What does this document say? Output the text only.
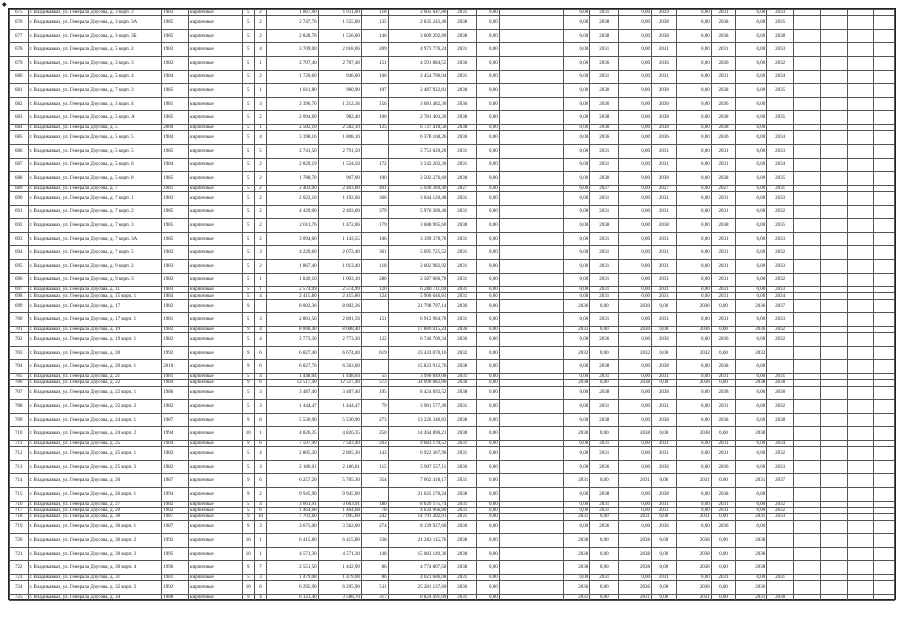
◆
675	г. Владикавказ, ул. Генерала Дзусова, д. 3 корп. 3	1983	кирпичные	5	2	1 867,90	1 011,00	118	2 605 647,80	2031	0,00		0,00	2031	0,00	2029	0,00	2031	0,00	2033				
676	г. Владикавказ, ул. Генерала Дзусова, д. 3 корп. 3А	1985	кирпичные	5	2	2 747,76	1 555,00	135	2 835 243,40	2038	0,00		0,00	2038	0,00	2038	0,00	2038	0,00	2035				
677	г. Владикавказ, ул. Генерала Дзусова, д. 3 корп. 3Б	1985	кирпичные	5	2	2 828,70	1 556,00	146	3 609 292,80	2038	0,00		0,00	2038	0,00	2038	0,00	2038	0,00	2038				
678	г. Владикавказ, ул. Генерала Дзусова, д. 5 корп. 2	1983	кирпичные	5	4	3 709,00	2 018,06	209	4 973 776,24	2031	0,00		0,00	2031	0,00	2031	0,00	2031	0,00	2033				
679	г. Владикавказ, ул. Генерала Дзусова, д. 3 корп. 3	1982	кирпичные	5	1	2 797,40	2 707,40	151	4 591 884,55	2036	0,00		0,00	2036	0,00	2036	0,00	2036	0,00	2032				
680	г. Владикавказ, ул. Генерала Дзусова, д. 5 корп. 4	1984	кирпичные	5	2	1 720,60	946,00	100	2 454 790,04	2031	0,00		0,00	2031	0,00	2031	0,00	2031	0,00	2034				
681	г. Владикавказ, ул. Генерала Дзусова, д. 7 корп. 3	1985	кирпичные	5	1	1 811,80	960,90	107	2 487 922,81	2038	0,00		0,00	2038	0,00	2038	0,00	2038	0,00	2035				
682	г. Владикавказ, ул. Генерала Дзусова, д. 3 корп. 4	1981	кирпичные	5	3	2 396,70	1 212,36	156	3 081 482,30	2036	0,00		0,00	2036	0,00	2036	0,00	2036	0,00					
683	г. Владикавказ, ул. Генерала Дзусова, д. 5 корп. А	1985	кирпичные	5	2	2 094,60	982,40	100	2 781 403,20	2038	0,00		0,00	2038	0,00	2038	0,00	2038	0,00	2035				
684	г. Владикавказ, ул. Генерала Дзусова, д. 5	2000	кирпичные	5	1	2 582,10	2 582,10	125	6 737 418,58	2038	0,00		0,00	2038	0,00	2038	0,00	2038	0,00					
685	г. Владикавказ, ул. Генерала Дзусова, д. 5 корп. 5	1984	кирпичные	5	4	3 398,16	1 808,10		6 378 108,26	2036	0,00		0,00	2036	0,00	2036	0,00	2036	0,00	2034				
686	г. Владикавказ, ул. Генерала Дзусова, д. 5 корп. 5	1985	кирпичные	5	5	2 741,50	2 791,50		5 753 020,20	2031	0,00		0,00	2031	0,00	2031	0,00	2031	0,00	2033				
687	г. Владикавказ, ул. Генерала Дзусова, д. 5 корп. 6	1984	кирпичные	5	2	2 829,19	1 524,50	172	3 542 203,30	2031	0,00		0,00	2031	0,00	2031	0,00	2031	0,00	2034				
688	г. Владикавказ, ул. Генерала Дзусова, д. 5 корп. 8	1985	кирпичные	5	2	1 788,70	967,00	100	2 502 276,60	2038	0,00		0,00	2038	0,00	2038	0,00	2038	0,00	2035				
689	г. Владикавказ, ул. Генерала Дзусова, д. 7	1981	кирпичные	5	2	2 403,00	2 403,00	401	5 936 369,40	2027	0,00		0,00	2027	0,00	2027	0,00	2027	0,00	2031				
690	г. Владикавказ, ул. Генерала Дзусова, д. 7 корп. 1	1983	кирпичные	5	2	2 023,10	1 192,66	366	3 044 120,48	2031	0,00		0,00	2031	0,00	2031	0,00	2031	0,00	2033				
691	г. Владикавказ, ул. Генерала Дзусова, д. 7 корп. 2	1985	кирпичные	5	2	4 420,00	2 403,00	379	5 976 369,40	2031	0,00		0,00	2031	0,00	2031	0,00	2031	0,00	2032				
692	г. Владикавказ, ул. Генерала Дзусова, д. 7 корп. 3	1985	кирпичные	5	2	2 011,76	1 472,06	179	3 688 965,60	2038	0,00		0,00	2038	0,00	2038	0,00	2038	0,00	2035				
693	г. Владикавказ, ул. Генерала Дзусова, д. 7 корп. 3А	1985	кирпичные	5	2	3 094,60	1 143,55	106	3 199 378,76	2031	0,00		0,00	2031	0,00	2031	0,00	2031	0,00	2033				
694	г. Владикавказ, ул. Генерала Дзусова, д. 7 корп. 5	1982	кирпичные	5	3	4 220,60	2 072,40	361	5 095 725,52	2031	0,00		0,00	2031	0,00	2031	0,00	2031	0,00	2032				
695	г. Владикавказ, ул. Генерала Дзусова, д. 9 корп. 2	1983	кирпичные	5	2	1 867,40	1 013,40	118	2 602 982,92	2031	0,00		0,00	2031	0,00	2031	0,00	2031	0,00	2033				
696	г. Владикавказ, ул. Генерала Дзусова, д. 9 корп. 3	1982	кирпичные	5	1	1 849,10	1 003,10	286	2 587 066,76	2031	0,00		0,00	2031	0,00	2031	0,00	2031	0,00	2032				
697	г. Владикавказ, ул. Генерала Дзусова, д. 11	1983	кирпичные	5	1	2 574,99	2 574,99	120	6 280 711,69	2031	0,00		0,00	2031	0,00	2031	0,00	2031	0,00	2033				
698	г. Владикавказ, ул. Генерала Дзусова, д. 15 корп. 1	1984	кирпичные	5	4	2 415,80	2 415,80	124	5 900 646,81	2031	0,00		0,00	2031	0,00	2031	0,00	2031	0,00	2034				
699	г. Владикавказ, ул. Генерала Дзусова, д. 17	1982	кирпичные	9		8 002,36	8 002,36		21 798 797,14	2036	0,00		2036	0,00	2030	0,00	2036	0,00	2036	2037				
700	г. Владикавказ, ул. Генерала Дзусова, д. 17 корп. 1	1981	кирпичные	5	3	2 801,56	2 801,56	151	6 912 964,70	2031	0,00		0,00	2031	0,00	2031	0,00	2031	0,00	2033				
701	г. Владикавказ, ул. Генерала Дзусова, д. 19	1982	кирпичные	9	4	8 008,40	8 008,40		17 889 015,24	2036	0,00		2033	0,00	2030	0,00	2036	0,00	2036	2032				
702	г. Владикавказ, ул. Генерала Дзусова, д. 19 корп. 1	1982	кирпичные	5	4	2 773,30	2 773,30	122	6 746 709,34	2036	0,00		0,00	2036	0,00	2036	0,00	2036	0,00	2032				
703	г. Владикавказ, ул. Генерала Дзусова, д. 20	1992	кирпичные	9	6	6 827,40	6 674,40	619	23 433 070,16	2032	0,00		2032	0,00	2032	0,00	2032	0,00	2032					
704	г. Владикавказ, ул. Генерала Дзусова, д. 20 корп. 1	2010	кирпичные	9	6	6 827,76	6 563,00		15 823 912,76	2038	0,00		0,00	2038	0,00	2038	0,00	2038	0,00					
705	г. Владикавказ, ул. Генерала Дзусова, д. 21	1981	кирпичные	5	4	1 448,04	1 448,04	55	3 990 849,08	2031	0,00		0,00	2031	0,00	2031	0,00	2031	0,00	2031				
706	г. Владикавказ, ул. Генерала Дзусова, д. 22	1984	кирпичные	9	6	12 517,40	12 517,40	573	34 090 082,86	2038	0,00		2038	0,00	2038	0,00	2038	0,00	2038	2038				
707	г. Владикавказ, ул. Генерала Дзусова, д. 22 корп. 1	1986	кирпичные	5	3	3 487,40	3 487,40	195	8 424 692,52	2038	0,00		0,00	2038	0,00	2038	0,00	2038	0,00	2038				
708	г. Владикавказ, ул. Генерала Дзусова, д. 22 корп. 2	1982	кирпичные	5	3	1 444,47	1 444,47	79	3 981 577,49	2031	0,00		0,00	2031	0,00	2031	0,00	2031	0,00	2032				
709	г. Владикавказ, ул. Генерала Дзусова, д. 24 корп. 1	1987	кирпичные	9	8	5 530,90	5 530,90	273	13 226 340,83	2038	0,00		0,00	2038	0,00	2038	0,00	2038	0,00	2038				
710	г. Владикавказ, ул. Генерала Дзусова, д. 24 корп. 2	1994	кирпичные	10	1	4 826,35	4 826,35	250	14 264 896,21	2038	0,00		2038	0,00	2038	0,00	2038	0,00	2038					
711	г. Владикавказ, ул. Генерала Дзусова, д. 25	1984	кирпичные	9	6	7 597,90	7 503,40	203	9 683 170,52	2031	0,00		0,00	2031	0,00	2031	0,00	2031	0,00	2034				
712	г. Владикавказ, ул. Генерала Дзусова, д. 25 корп. 1	1982	кирпичные	5	4	2 805,30	2 805,30	143	6 922 367,90	2031	0,00		0,00	2031	0,00	2031	0,00	2031	0,00	2032				
713	г. Владикавказ, ул. Генерала Дзусова, д. 25 корп. 3	1982	кирпичные	5	3	2 186,01	2 186,01	115	5 907 557,11	2036	0,00		0,00	2036	0,00	2036	0,00	2036	0,00	2033				
714	г. Владикавказ, ул. Генерала Дзусова, д. 26	1987	кирпичные	9	6	6 257,20	5 705,30	354	7 062 418,17	2031	0,00		2031	0,00	2031	0,00	2031	0,00	2031	2037				
715	г. Владикавказ, ул. Генерала Дзусова, д. 26 корп. 1	1994	кирпичные	9	2	9 945,90	9 945,90		21 625 170,24	2038	0,00		0,00	2038	0,00	2038	0,00	2038	0,00					
716	г. Владикавказ, ул. Генерала Дзусова, д. 27	1982	кирпичные	5	4	3 663,91	3 663,91	180	8 629 175,74	2031	0,00		0,00	2031	0,00	2031	0,00	2031	0,00	2032				
717	г. Владикавказ, ул. Генерала Дзусова, д. 29	1982	кирпичные	5	6	1 464,68	1 464,68	78	4 034 066,80	2031	0,00		0,00	2031	0,00	2031	0,00	2031	0,00	2032				
718	г. Владикавказ, ул. Генерала Дзусова, д. 30	1987	кирпичные	9	10	7 701,60	7 095,60	242	14 791 302,01	2031	0,00		2031	0,00	2031	0,00	2031	0,00	2031	2033				
719	г. Владикавказ, ул. Генерала Дзусова, д. 30 корп. 1	1987	кирпичные	9	3	3 675,00	3 562,00	274	8 139 927,66	2036	0,00		0,00	2036	0,00	2036	0,00	2036	0,00					
720	г. Владикавказ, ул. Генерала Дзусова, д. 30 корп. 2	1992	кирпичные	10	1	6 415,80	6 415,80	338	21 283 115,76	2038	0,00		2038	0,00	2038	0,00	2038	0,00	2038					
721	г. Владикавказ, ул. Генерала Дзусова, д. 30 корп. 3	1995	кирпичные	10	1	4 571,30	4 571,30	148	15 083 149,36	2038	0,00		2038	0,00	2038	0,00	2038	0,00	2038					
722	г. Владикавказ, ул. Генерала Дзусова, д. 30 корп. 4	1996	кирпичные	9	7	2 551,50	1 442,90	86	4 774 807,50	2038	0,00		2038	0,00	2038	0,00	2038	0,00	2038					
723	г. Владикавказ, ул. Генерала Дзусова, д. 31	1981	кирпичные	5	3	1 479,08	1 479,08	86	4 021 686,08	2031	0,00		0,00	2031	0,00	2031	0,00	2031	0,00	2031				
724	г. Владикавказ, ул. Генерала Дзусова, д. 32 корп. 2	1992	кирпичные	10	6	6 295,90	6 295,90	511	25 281 137,60	2036	0,00		2036	0,00	2036	0,00	2036	0,00	2036					
725	г. Владикавказ, ул. Генерала Дзусова, д. 34	1988	кирпичные	9	4	6 123,40	3 588,70	317	8 824 491,09	2031	0,00		2031	0,00	2031	0,00	2031	0,00	2031	2038				
